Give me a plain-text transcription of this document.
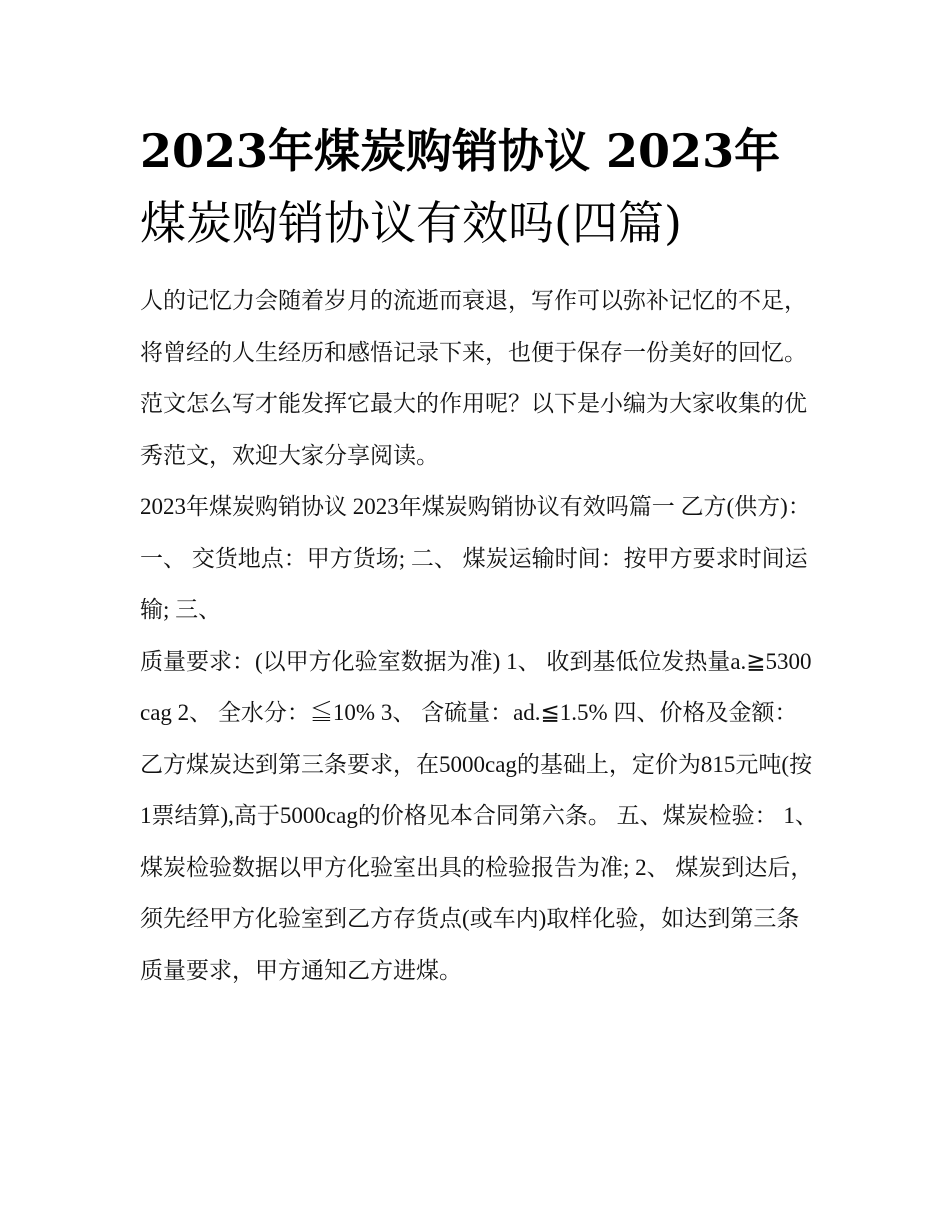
2023年煤炭购销协议 2023年煤炭购销协议有效吗(四篇)

人的记忆力会随着岁月的流逝而衰退，写作可以弥补记忆的不足，将曾经的人生经历和感悟记录下来，也便于保存一份美好的回忆。范文怎么写才能发挥它最大的作用呢？以下是小编为大家收集的优秀范文，欢迎大家分享阅读。

2023年煤炭购销协议 2023年煤炭购销协议有效吗篇一 乙方(供方)： 一、 交货地点：甲方货场; 二、 煤炭运输时间：按甲方要求时间运输; 三、

质量要求：(以甲方化验室数据为准) 1、 收到基低位发热量a.≧5300cag 2、 全水分：≦10% 3、 含硫量：ad.≦1.5% 四、价格及金额：

乙方煤炭达到第三条要求，在5000cag的基础上，定价为815元吨(按1票结算),高于5000cag的价格见本合同第六条。 五、煤炭检验： 1、

煤炭检验数据以甲方化验室出具的检验报告为准; 2、 煤炭到达后，须先经甲方化验室到乙方存货点(或车内)取样化验，如达到第三条质量要求，甲方通知乙方进煤。
